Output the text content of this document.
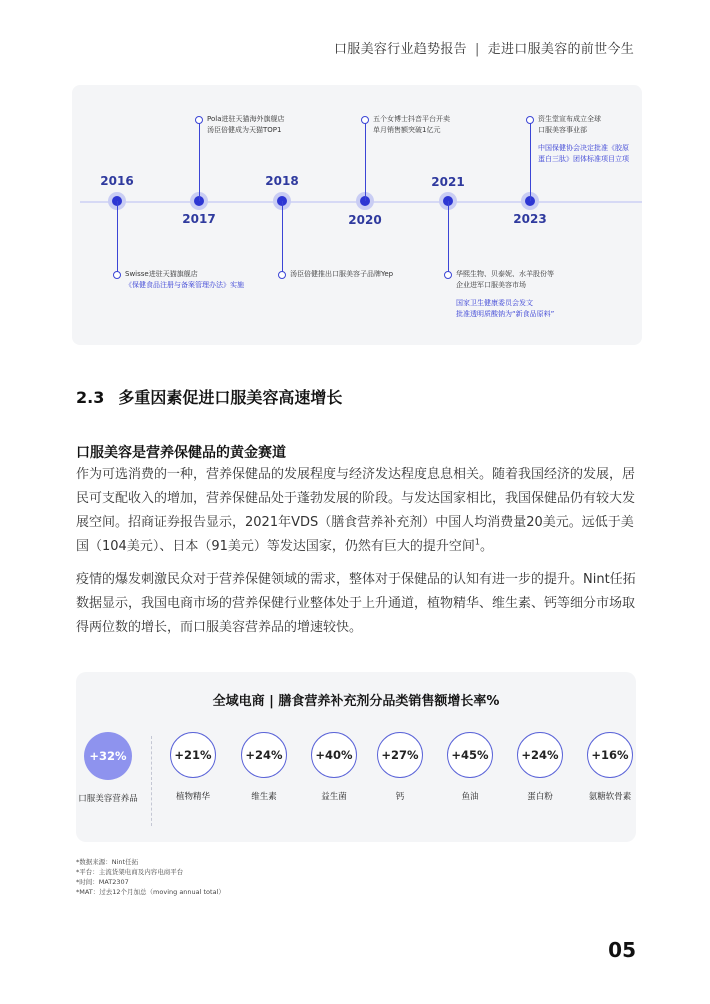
口服美容行业趋势报告 | 走进口服美容的前世今生
2016
2017
2018
2020
2021
2023
Swisse进驻天猫旗舰店
《保健食品注册与备案管理办法》实施
Pola进驻天猫海外旗舰店
汤臣倍健成为天猫TOP1
汤臣倍健推出口服美容子品牌Yep
五个女博士抖音平台开卖
单月销售额突破1亿元
华熙生物、贝泰妮、水羊股份等
企业进军口服美容市场
国家卫生健康委员会发文
批准透明质酸钠为“新食品原料”
资生堂宣布成立全球
口服美容事业部
中国保健协会决定批准《胶原
蛋白三肽》团体标准项目立项
2.3 多重因素促进口服美容高速增长
口服美容是营养保健品的黄金赛道
作为可选消费的一种，营养保健品的发展程度与经济发达程度息息相关。随着我国经济的发展，居民可支配收入的增加，营养保健品处于蓬勃发展的阶段。与发达国家相比，我国保健品仍有较大发展空间。招商证券报告显示，2021年VDS（膳食营养补充剂）中国人均消费量20美元。远低于美国（104美元）、日本（91美元）等发达国家，仍然有巨大的提升空间$^1$。
疫情的爆发刺激民众对于营养保健领域的需求，整体对于保健品的认知有进一步的提升。Nint任拓数据显示，我国电商市场的营养保健行业整体处于上升通道，植物精华、维生素、钙等细分市场取得两位数的增长，而口服美容营养品的增速较快。
全域电商 | 膳食营养补充剂分品类销售额增长率%
+32%
口服美容营养品
+21%
植物精华
+24%
维生素
+40%
益生菌
+27%
钙
+45%
鱼油
+24%
蛋白粉
+16%
氨糖软骨素
*数据来源：Nint任拓
*平台：主流货架电商及内容电商平台
*时间：MAT2307
*MAT：过去12个月加总（moving annual total）
05
